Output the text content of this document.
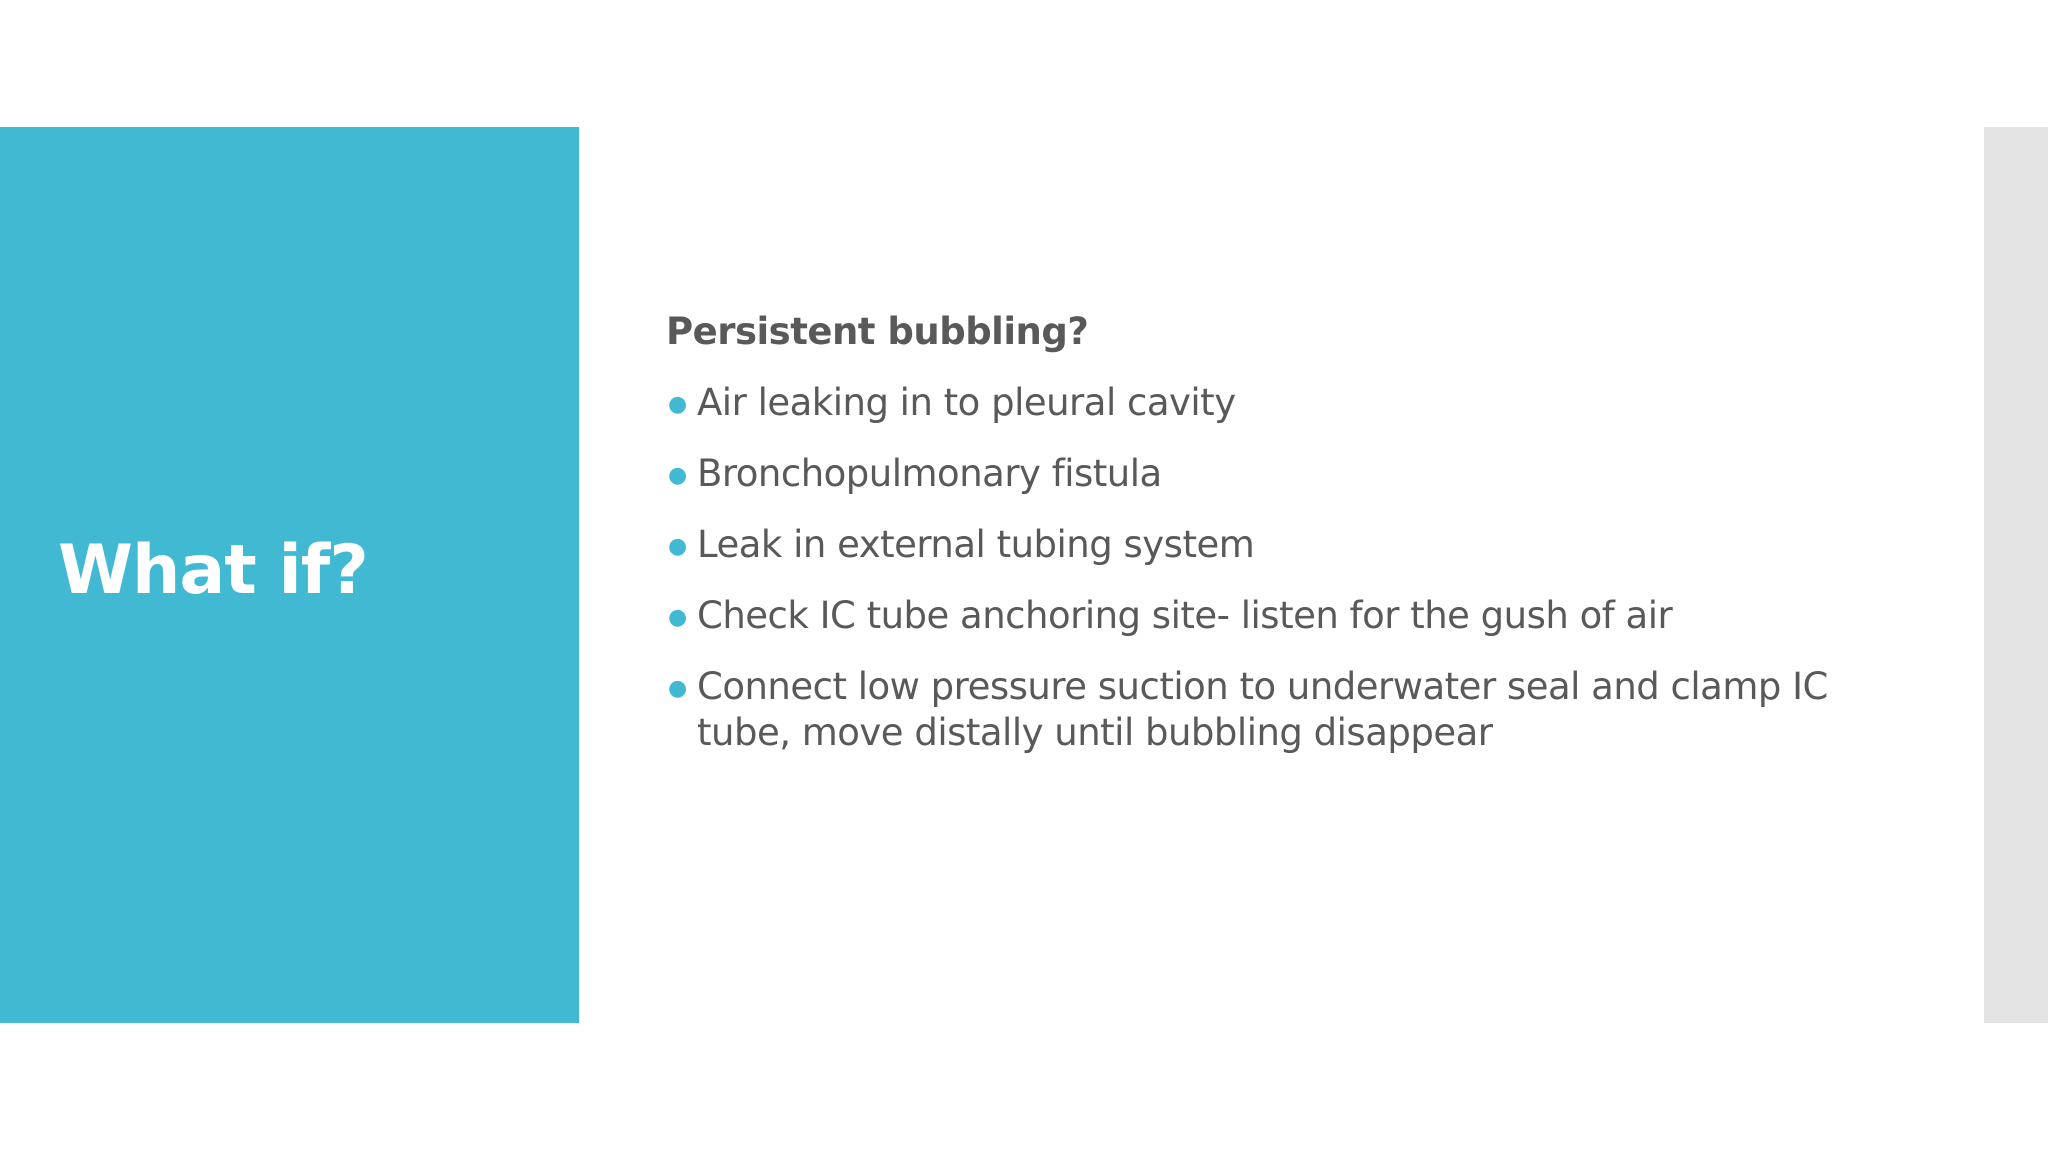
What if?

Persistent bubbling?

● Air leaking in to pleural cavity
● Bronchopulmonary fistula
● Leak in external tubing system
● Check IC tube anchoring site- listen for the gush of air
● Connect low pressure suction to underwater seal and clamp IC tube, move distally until bubbling disappear
